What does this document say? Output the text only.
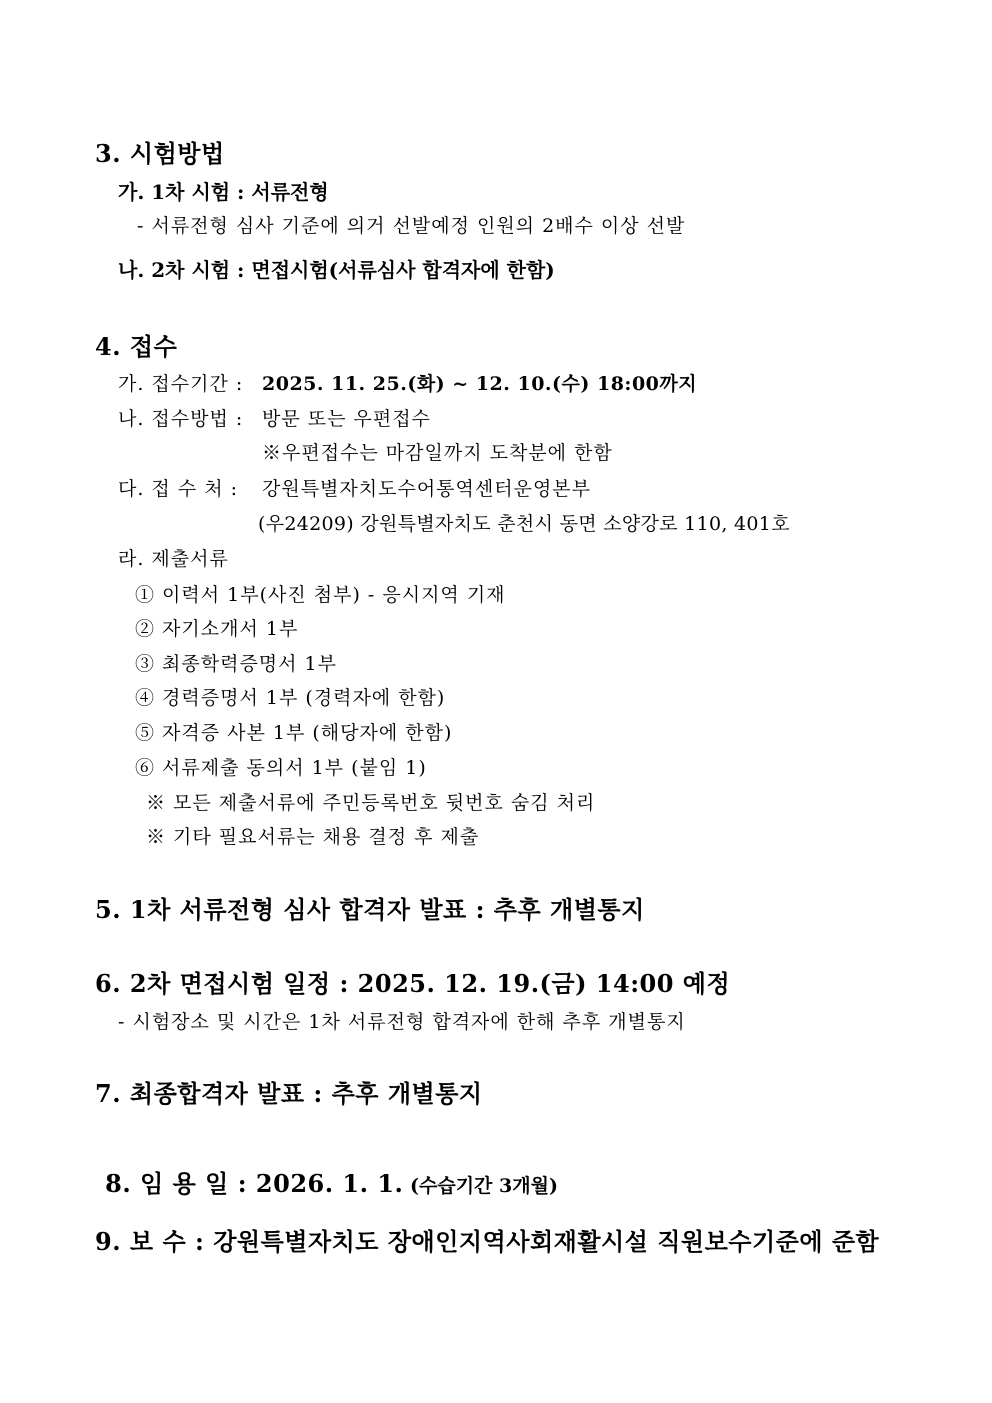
3. 시험방법
가. 1차 시험 : 서류전형
- 서류전형 심사 기준에 의거 선발예정 인원의 2배수 이상 선발
나. 2차 시험 : 면접시험(서류심사 합격자에 한함)
4. 접수
가. 접수기간 : 2025. 11. 25.(화) ~ 12. 10.(수) 18:00까지
나. 접수방법 : 방문 또는 우편접수
※우편접수는 마감일까지 도착분에 한함
다. 접 수 처 : 강원특별자치도수어통역센터운영본부
(우24209) 강원특별자치도 춘천시 동면 소양강로 110, 401호
라. 제출서류
① 이력서 1부(사진 첨부) - 응시지역 기재
② 자기소개서 1부
③ 최종학력증명서 1부
④ 경력증명서 1부 (경력자에 한함)
⑤ 자격증 사본 1부 (해당자에 한함)
⑥ 서류제출 동의서 1부 (붙임 1)
※ 모든 제출서류에 주민등록번호 뒷번호 숨김 처리
※ 기타 필요서류는 채용 결정 후 제출
5. 1차 서류전형 심사 합격자 발표 : 추후 개별통지
6. 2차 면접시험 일정 : 2025. 12. 19.(금) 14:00 예정
- 시험장소 및 시간은 1차 서류전형 합격자에 한해 추후 개별통지
7. 최종합격자 발표 : 추후 개별통지

8. 임 용 일 : 2026. 1. 1. (수습기간 3개월)

9. 보 수 : 강원특별자치도 장애인지역사회재활시설 직원보수기준에 준함
